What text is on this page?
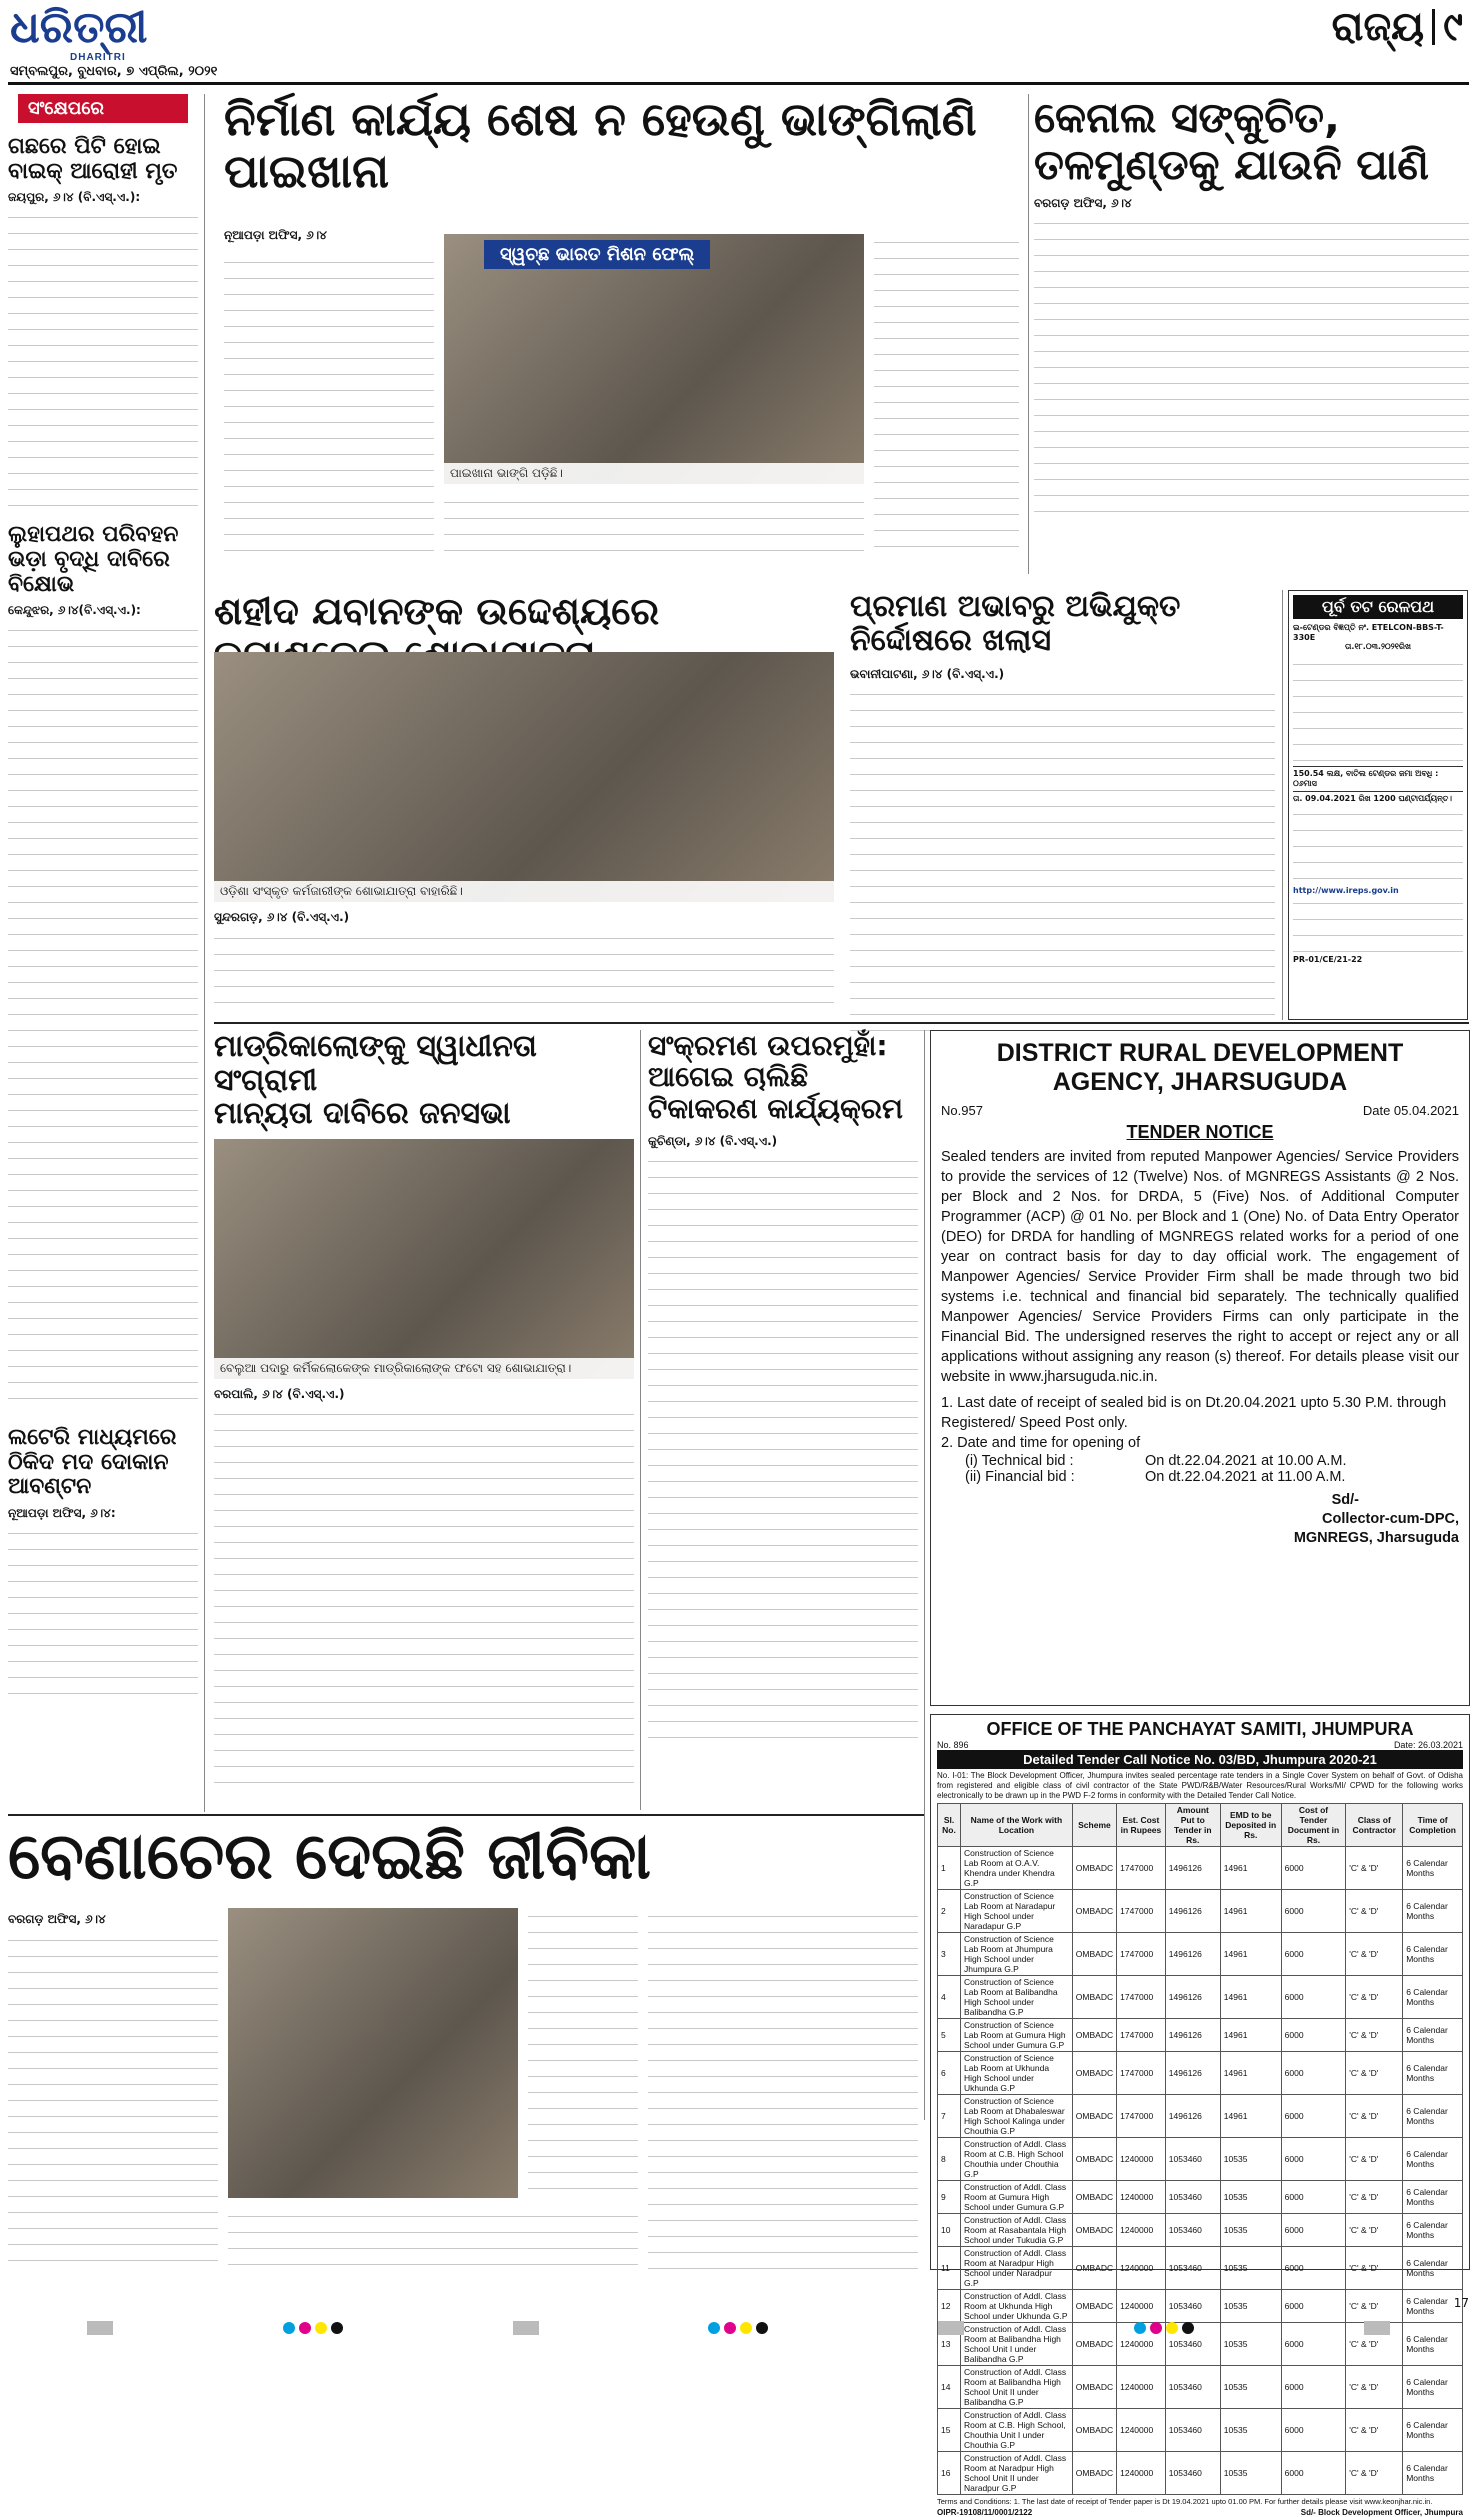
ଧରିତ୍ରୀ
DHARITRI
ସମ୍ବଲପୁର, ବୁଧବାର, ୭ ଏପ୍ରିଲ, ୨୦୨୧
ରାଜ୍ୟ ୯
ସଂକ୍ଷେପରେ
ଗଛରେ ପିଟି ହୋଇ ବାଇକ୍ ଆରୋହୀ ମୃତ
ଜୟପୁର, ୬।୪ (ବି.ଏସ୍.ଏ.):
ଲୁହାପଥର ପରିବହନ ଭଡ଼ା ବୃଦ୍ଧି ଦାବିରେ ବିକ୍ଷୋଭ
କେନ୍ଦୁଝର, ୬।୪(ବି.ଏସ୍.ଏ.):
ଲଟେରି ମାଧ୍ୟମରେ ଠିକିଦ ମଦ ଦୋକାନ ଆବଣ୍ଟନ
ନୂଆପଡ଼ା ଅଫିସ, ୬।୪:
ନିର୍ମାଣ କାର୍ଯ୍ୟ ଶେଷ ନ ହେଉଣୁ ଭାଙ୍ଗିଲାଣି ପାଇଖାନା
ନୂଆପଡ଼ା ଅଫିସ, ୬।୪
ସ୍ୱଚ୍ଛ ଭାରତ ମିଶନ ଫେଲ୍
ପାଇଖାନା ଭାଙ୍ଗି ପଡ଼ିଛି।
କେନାଲ ସଙ୍କୁଚିତ,
ତଳମୁଣ୍ଡକୁ ଯାଉନି ପାଣି
ବରଗଡ଼ ଅଫିସ, ୬।୪
ଶହୀଦ ଯବାନଙ୍କ ଉଦ୍ଦେଶ୍ୟରେ
ଓଡ଼ିଶା ସଂସ୍କୃତ କର୍ମଜାରୀଙ୍କ ଶୋଭାଯାତ୍ରା ବାହାରିଛି।
ସୁନ୍ଦରଗଡ଼, ୬।୪ (ବି.ଏସ୍.ଏ.)
ପ୍ରମାଣ ଅଭାବରୁ ଅଭିଯୁକ୍ତ ନିର୍ଦ୍ଦୋଷରେ ଖଲାସ
ଭବାନୀପାଟଣା, ୬।୪ (ବି.ଏସ୍.ଏ.)
ପୂର୍ବ ତଟ ରେଳପଥ
ଇ-ଟେଣ୍ଡର ବିଜ୍ଞପ୍ତି ନଂ. ETELCON-BBS-T-330E
ତା.୧୮.୦୩.୨୦୨୧ରିଖ
150.54 ଲକ୍ଷ, ବାତିଲ ଟେଣ୍ଡର ଜମା ଅବଧି : ୦୬ମାସ
ତା. 09.04.2021 ରିଖ 1200 ଘଣ୍ଟାପର୍ଯ୍ୟନ୍ତ।
http://www.ireps.gov.in
PR-01/CE/21-22
ମାଡ୍ରିକାଲୋଙ୍କୁ ସ୍ୱାଧୀନତା ସଂଗ୍ରାମୀ
ମାନ୍ୟତା ଦାବିରେ ଜନସଭା
ବେଲୁଆ ପଦାରୁ କର୍ମିକଲୋକେଙ୍କ ମାଡ୍ରିକାଲୋଙ୍କ ଫଟୋ ସହ ଶୋଭାଯାତ୍ରା।
ବରପାଲି, ୬।୪ (ବି.ଏସ୍.ଏ.)
ସଂକ୍ରମଣ ଉପରମୁହାଁ:
ଆଗେଇ ଚାଲିଛି
ଟିକାକରଣ କାର୍ଯ୍ୟକ୍ରମ
କୁଚିଣ୍ଡା, ୬।୪ (ବି.ଏସ୍.ଏ.)
DISTRICT RURAL DEVELOPMENT
AGENCY, JHARSUGUDA
No.957	Date 05.04.2021
TENDER NOTICE
Sealed tenders are invited from reputed Manpower Agencies/ Service Providers to provide the services of 12 (Twelve) Nos. of MGNREGS Assistants @ 2 Nos. per Block and 2 Nos. for DRDA, 5 (Five) Nos. of Additional Computer Programmer (ACP) @ 01 No. per Block and 1 (One) No. of Data Entry Operator (DEO) for DRDA for handling of MGNREGS related works for a period of one year on contract basis for day to day official work. The engagement of Manpower Agencies/ Service Provider Firm shall be made through two bid systems i.e. technical and financial bid separately. The technically qualified Manpower Agencies/ Service Providers Firms can only participate in the Financial Bid. The undersigned reserves the right to accept or reject any or all applications without assigning any reason (s) thereof. For details please visit our website in www.jharsuguda.nic.in.
1. Last date of receipt of sealed bid is on Dt.20.04.2021 upto 5.30 P.M. through Registered/ Speed Post only.
2. Date and time for opening of
(i) Technical bid :	On dt.22.04.2021 at 10.00 A.M.
(ii) Financial bid :	On dt.22.04.2021 at 11.00 A.M.
Sd/-
Collector-cum-DPC,
MGNREGS, Jharsuguda
OFFICE OF THE PANCHAYAT SAMITI, JHUMPURA
No. 896	Date: 26.03.2021
Detailed Tender Call Notice No. 03/BD, Jhumpura 2020-21
No. I-01: The Block Development Officer, Jhumpura invites sealed percentage rate tenders in a Single Cover System on behalf of Govt. of Odisha from registered and eligible class of civil contractor of the State PWD/R&B/Water Resources/Rural Works/MI/ CPWD for the following works electronically to be drawn up in the PWD F-2 forms in conformity with the Detailed Tender Call Notice.
Sl. No.	Name of the Work with Location	Scheme	Est. Cost in Rupees	Amount Put to Tender in Rs.	EMD to be Deposited in Rs.	Cost of Tender Document in Rs.	Class of Contractor	Time of Completion
1	Construction of Science Lab Room at O.A.V. Khendra under Khendra G.P	OMBADC	1747000	1496126	14961	6000	'C' & 'D'	6 Calendar Months
2	Construction of Science Lab Room at Naradapur High School under Naradapur G.P	OMBADC	1747000	1496126	14961	6000	'C' & 'D'	6 Calendar Months
3	Construction of Science Lab Room at Jhumpura High School under Jhumpura G.P	OMBADC	1747000	1496126	14961	6000	'C' & 'D'	6 Calendar Months
4	Construction of Science Lab Room at Balibandha High School under Balibandha G.P	OMBADC	1747000	1496126	14961	6000	'C' & 'D'	6 Calendar Months
5	Construction of Science Lab Room at Gumura High School under Gumura G.P	OMBADC	1747000	1496126	14961	6000	'C' & 'D'	6 Calendar Months
6	Construction of Science Lab Room at Ukhunda High School under Ukhunda G.P	OMBADC	1747000	1496126	14961	6000	'C' & 'D'	6 Calendar Months
7	Construction of Science Lab Room at Dhabaleswar High School Kalinga under Chouthia G.P	OMBADC	1747000	1496126	14961	6000	'C' & 'D'	6 Calendar Months
8	Construction of Addl. Class Room at C.B. High School Chouthia under Chouthia G.P	OMBADC	1240000	1053460	10535	6000	'C' & 'D'	6 Calendar Months
9	Construction of Addl. Class Room at Gumura High School under Gumura G.P	OMBADC	1240000	1053460	10535	6000	'C' & 'D'	6 Calendar Months
10	Construction of Addl. Class Room at Rasabantala High School under Tukudia G.P	OMBADC	1240000	1053460	10535	6000	'C' & 'D'	6 Calendar Months
11	Construction of Addl. Class Room at Naradpur High School under Naradpur G.P	OMBADC	1240000	1053460	10535	6000	'C' & 'D'	6 Calendar Months
12	Construction of Addl. Class Room at Ukhunda High School under Ukhunda G.P	OMBADC	1240000	1053460	10535	6000	'C' & 'D'	6 Calendar Months
13	Construction of Addl. Class Room at Balibandha High School Unit I under Balibandha G.P	OMBADC	1240000	1053460	10535	6000	'C' & 'D'	6 Calendar Months
14	Construction of Addl. Class Room at Balibandha High School Unit II under Balibandha G.P	OMBADC	1240000	1053460	10535	6000	'C' & 'D'	6 Calendar Months
15	Construction of Addl. Class Room at C.B. High School, Chouthia Unit I under Chouthia G.P	OMBADC	1240000	1053460	10535	6000	'C' & 'D'	6 Calendar Months
16	Construction of Addl. Class Room at Naradpur High School Unit II under Naradpur G.P	OMBADC	1240000	1053460	10535	6000	'C' & 'D'	6 Calendar Months
Terms and Conditions: 1. The last date of receipt of Tender paper is Dt 19.04.2021 upto 01.00 PM. For further details please visit www.keonjhar.nic.in.
OIPR-19108/11/0001/2122	Sd/- Block Development Officer, Jhumpura
ବେଣାଚେର ଦେଇଛି ଜୀବିକା
ବରଗଡ଼ ଅଫିସ, ୬।୪
17
